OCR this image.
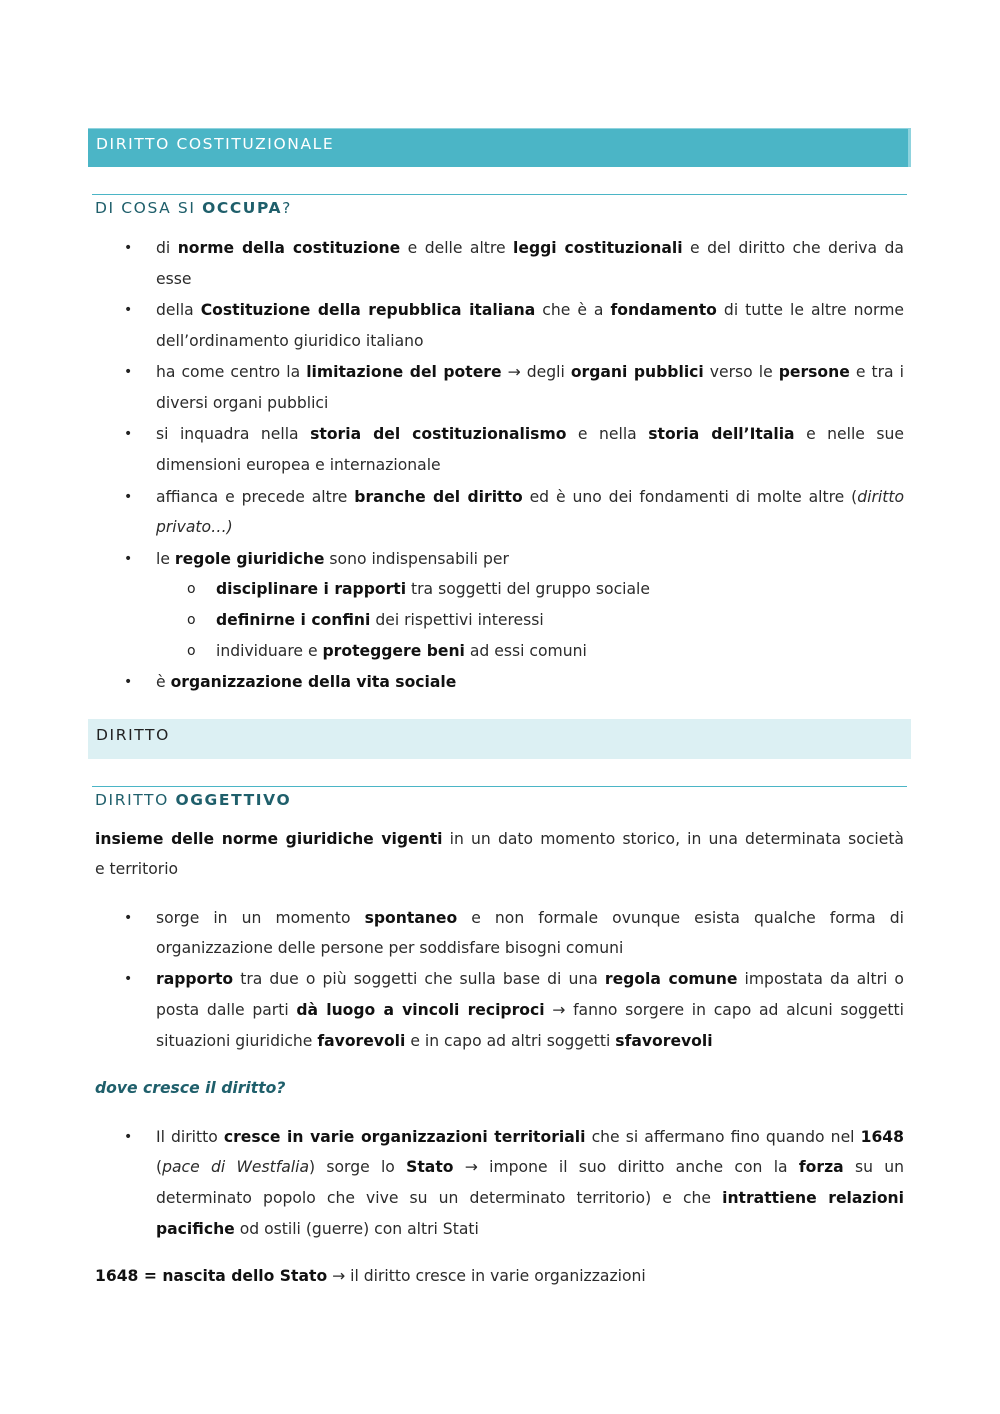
DIRITTO COSTITUZIONALE
DI COSA SI OCCUPA?
• di norme della costituzione e delle altre leggi costituzionali e del diritto che deriva da
esse
• della Costituzione della repubblica italiana che è a fondamento di tutte le altre norme
dell’ordinamento giuridico italiano
• ha come centro la limitazione del potere → degli organi pubblici verso le persone e tra i
diversi organi pubblici
• si inquadra nella storia del costituzionalismo e nella storia dell’Italia e nelle sue
dimensioni europea e internazionale
• affianca e precede altre branche del diritto ed è uno dei fondamenti di molte altre (diritto
privato…)
• le regole giuridiche sono indispensabili per
o disciplinare i rapporti tra soggetti del gruppo sociale
o definirne i confini dei rispettivi interessi
o individuare e proteggere beni ad essi comuni
• è organizzazione della vita sociale
DIRITTO
DIRITTO OGGETTIVO
insieme delle norme giuridiche vigenti in un dato momento storico, in una determinata società
e territorio
• sorge in un momento spontaneo e non formale ovunque esista qualche forma di
organizzazione delle persone per soddisfare bisogni comuni
• rapporto tra due o più soggetti che sulla base di una regola comune impostata da altri o
posta dalle parti dà luogo a vincoli reciproci → fanno sorgere in capo ad alcuni soggetti
situazioni giuridiche favorevoli e in capo ad altri soggetti sfavorevoli
dove cresce il diritto?
• Il diritto cresce in varie organizzazioni territoriali che si affermano fino quando nel 1648
(pace di Westfalia) sorge lo Stato → impone il suo diritto anche con la forza su un
determinato popolo che vive su un determinato territorio) e che intrattiene relazioni
pacifiche od ostili (guerre) con altri Stati
1648 = nascita dello Stato → il diritto cresce in varie organizzazioni
